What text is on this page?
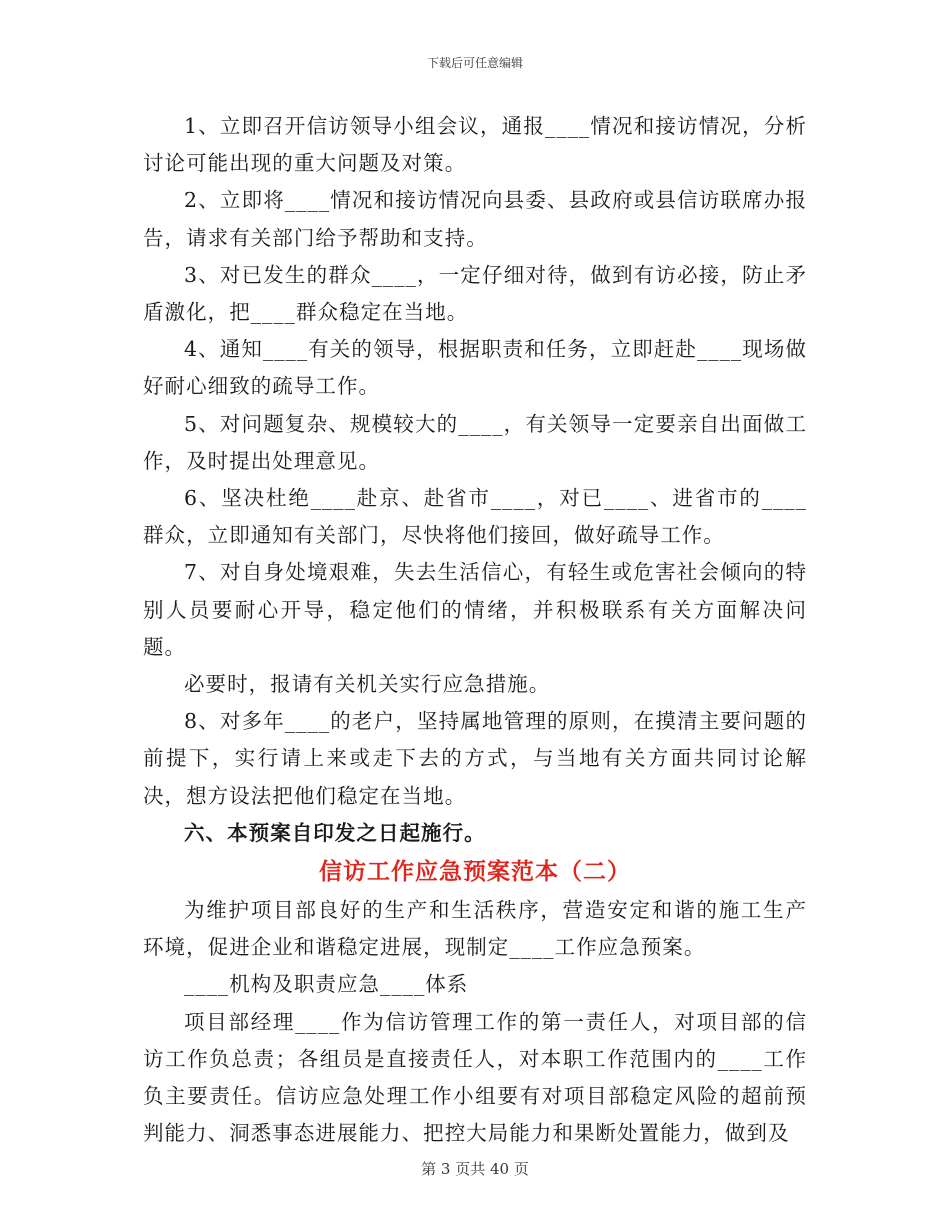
下载后可任意编辑

1、立即召开信访领导小组会议，通报____情况和接访情况，分析讨论可能出现的重大问题及对策。

2、立即将____情况和接访情况向县委、县政府或县信访联席办报告，请求有关部门给予帮助和支持。

3、对已发生的群众____，一定仔细对待，做到有访必接，防止矛盾激化，把____群众稳定在当地。

4、通知____有关的领导，根据职责和任务，立即赶赴____现场做好耐心细致的疏导工作。

5、对问题复杂、规模较大的____，有关领导一定要亲自出面做工作，及时提出处理意见。

6、坚决杜绝____赴京、赴省市____，对已____、进省市的____群众，立即通知有关部门，尽快将他们接回，做好疏导工作。

7、对自身处境艰难，失去生活信心，有轻生或危害社会倾向的特别人员要耐心开导，稳定他们的情绪，并积极联系有关方面解决问题。

必要时，报请有关机关实行应急措施。

8、对多年____的老户，坚持属地管理的原则，在摸清主要问题的前提下，实行请上来或走下去的方式，与当地有关方面共同讨论解决，想方设法把他们稳定在当地。

六、本预案自印发之日起施行。

信访工作应急预案范本（二）

为维护项目部良好的生产和生活秩序，营造安定和谐的施工生产环境，促进企业和谐稳定进展，现制定____工作应急预案。

____机构及职责应急____体系

项目部经理____作为信访管理工作的第一责任人，对项目部的信访工作负总责；各组员是直接责任人，对本职工作范围内的____工作负主要责任。信访应急处理工作小组要有对项目部稳定风险的超前预判能力、洞悉事态进展能力、把控大局能力和果断处置能力，做到及

第 3 页共 40 页
